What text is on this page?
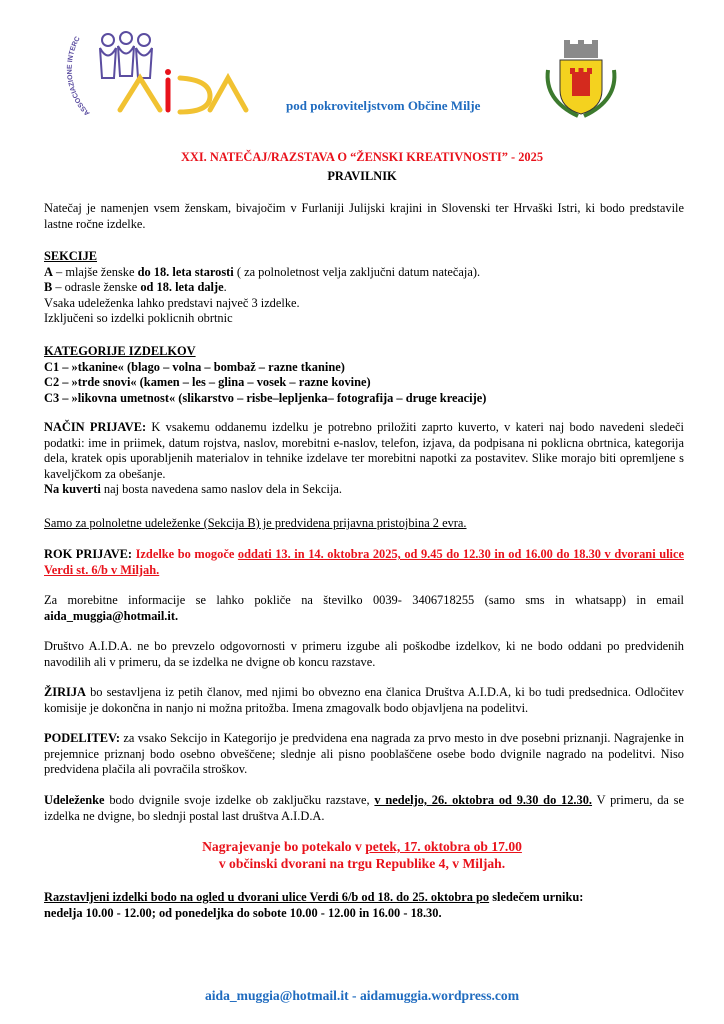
ASSOCIAZIONE INTERC
pod pokroviteljstvom Občine Milje
XXI. NATEČAJ/RAZSTAVA O “ŽENSKI KREATIVNOSTI” - 2025
PRAVILNIK
Natečaj je namenjen vsem ženskam, bivajočim v Furlaniji Julijski krajini in Slovenski ter Hrvaški Istri, ki bodo predstavile lastne ročne izdelke.
SEKCIJE
A – mlajše ženske do 18. leta starosti ( za polnoletnost velja zaključni datum natečaja).
B – odrasle ženske od 18. leta dalje.
Vsaka udeleženka lahko predstavi največ 3 izdelke.
Izključeni so izdelki poklicnih obrtnic
KATEGORIJE IZDELKOV
C1 – »tkanine« (blago – volna – bombaž – razne tkanine)
C2 – »trde snovi« (kamen – les – glina – vosek – razne kovine)
C3 – »likovna umetnost« (slikarstvo – risbe–lepljenka– fotografija – druge kreacije)
NAČIN PRIJAVE: K vsakemu oddanemu izdelku je potrebno priložiti zaprto kuverto, v kateri naj bodo navedeni sledeči podatki: ime in priimek, datum rojstva, naslov, morebitni e-naslov, telefon, izjava, da podpisana ni poklicna obrtnica, kategorija dela, kratek opis uporabljenih materialov in tehnike izdelave ter morebitni napotki za postavitev. Slike morajo biti opremljene s kaveljčkom za obešanje.
Na kuverti naj bosta navedena samo naslov dela in Sekcija.
Samo za polnoletne udeleženke (Sekcija B) je predvidena prijavna pristojbina 2 evra.
ROK PRIJAVE: Izdelke bo mogoče oddati 13. in 14. oktobra 2025, od 9.45 do 12.30 in od 16.00 do 18.30 v dvorani ulice Verdi st. 6/b v Miljah.
Za morebitne informacije se lahko pokliče na številko 0039- 3406718255 (samo sms in whatsapp) in email aida_muggia@hotmail.it.
Društvo A.I.D.A. ne bo prevzelo odgovornosti v primeru izgube ali poškodbe izdelkov, ki ne bodo oddani po predvidenih navodilih ali v primeru, da se izdelka ne dvigne ob koncu razstave.
ŽIRIJA bo sestavljena iz petih članov, med njimi bo obvezno ena članica Društva A.I.D.A, ki bo tudi predsednica. Odločitev komisije je dokončna in nanjo ni možna pritožba. Imena zmagovalk bodo objavljena na podelitvi.
PODELITEV: za vsako Sekcijo in Kategorijo je predvidena ena nagrada za prvo mesto in dve posebni priznanji. Nagrajenke in prejemnice priznanj bodo osebno obveščene; slednje ali pisno pooblaščene osebe bodo dvignile nagrado na podelitvi. Niso predvidena plačila ali povračila stroškov.
Udeleženke bodo dvignile svoje izdelke ob zaključku razstave, v nedeljo, 26. oktobra od 9.30 do 12.30. V primeru, da se izdelka ne dvigne, bo slednji postal last društva A.I.D.A.
Nagrajevanje bo potekalo v petek, 17. oktobra ob 17.00
v občinski dvorani na trgu Republike 4, v Miljah.
Razstavljeni izdelki bodo na ogled u dvorani ulice Verdi 6/b od 18. do 25. oktobra po sledečem urniku:
nedelja 10.00 - 12.00; od ponedeljka do sobote 10.00 - 12.00 in 16.00 - 18.30.
aida_muggia@hotmail.it - aidamuggia.wordpress.com
